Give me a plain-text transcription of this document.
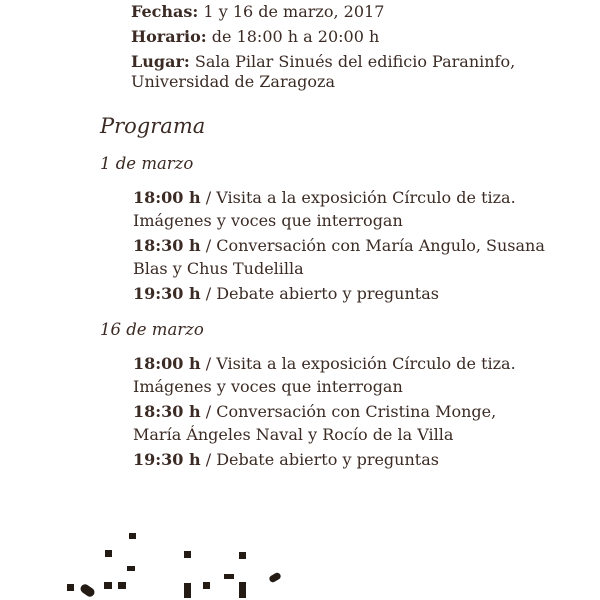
Fechas: 1 y 16 de marzo, 2017
Horario: de 18:00 h a 20:00 h
Lugar: Sala Pilar Sinués del edificio Paraninfo, Universidad de Zaragoza
Programa
1 de marzo

18:00 h / Visita a la exposición Círculo de tiza. Imágenes y voces que interrogan

18:30 h / Conversación con María Angulo, Susana Blas y Chus Tudelilla

19:30 h / Debate abierto y preguntas

16 de marzo

18:00 h / Visita a la exposición Círculo de tiza. Imágenes y voces que interrogan

18:30 h / Conversación con Cristina Monge, María Ángeles Naval y Rocío de la Villa

19:30 h / Debate abierto y preguntas
